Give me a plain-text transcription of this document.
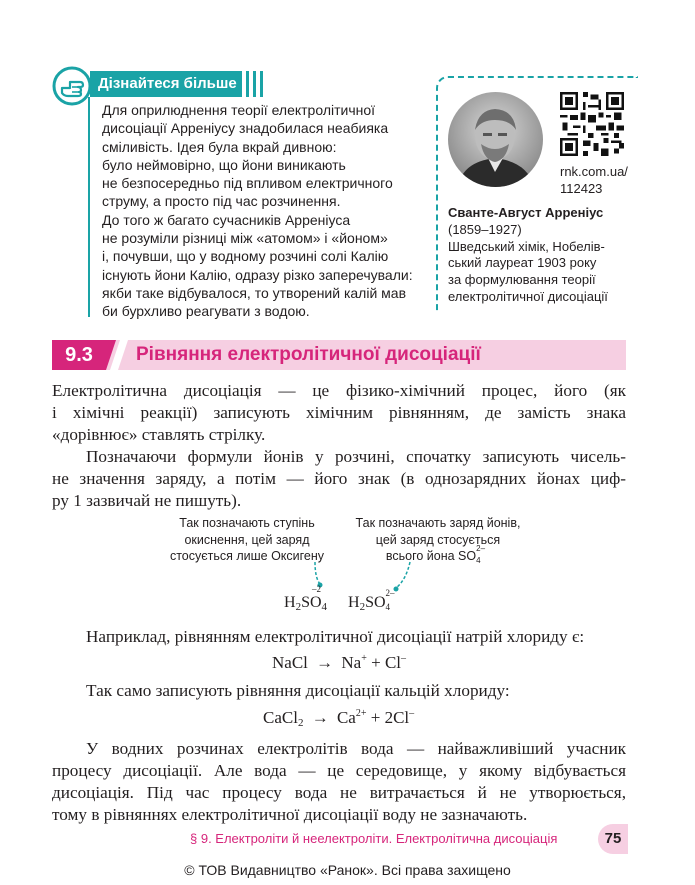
Дізнайтеся більше
Для оприлюднення теорії електролітичної
дисоціації Арреніусу знадобилася неабияка
сміливість. Ідея була вкрай дивною:
було неймовірно, що йони виникають
не безпосередньо під впливом електричного
струму, а просто під час розчинення.
До того ж багато сучасників Арреніуса
не розуміли різниці між «атомом» і «йоном»
і, почувши, що у водному розчині солі Калію
існують йони Калію, одразу різко заперечували:
якби таке відбувалося, то утворений калій мав
би бурхливо реагувати з водою.
rnk.com.ua/
112423
Сванте-Август Арреніус
(1859–1927)
Шведський хімік, Нобелів-
ський лауреат 1903 року
за формулювання теорії
електролітичної дисоціації
9.3	Рівняння електролітичної дисоціації
Електролітична дисоціація — це фізико-хімічний процес, його (як
і хімічні реакції) записують хімічним рівнянням, де замість знака
«дорівнює» ставлять стрілку.
Позначаючи формули йонів у розчині, спочатку записують чисель-
не значення заряду, а потім — його знак (в однозарядних йонах циф-
ру 1 зазвичай не пишуть).
Так позначають ступінь
окиснення, цей заряд
стосується лише Оксигену
Так позначають заряд йонів,
цей заряд стосується
всього йона SO
2–
4
$H_2SO$
–2
$_4$ $H_2SO$
2–
4
Наприклад, рівнянням електролітичної дисоціації натрій хлориду є:
NaCl → Na+ + Cl–
Так само записують рівняння дисоціації кальцій хлориду:
CaCl$_2$ → $Ca^{2+} + 2Cl^-$
У водних розчинах електролітів вода — найважливіший учасник
процесу дисоціації. Але вода — це середовище, у якому відбувається
дисоціація. Під час процесу вода не витрачається й не утворюється,
тому в рівняннях електролітичної дисоціації воду не зазначають.
§ 9. Електроліти й неелектроліти. Електролітична дисоціація	75
© ТОВ Видавництво «Ранок». Всі права захищено
